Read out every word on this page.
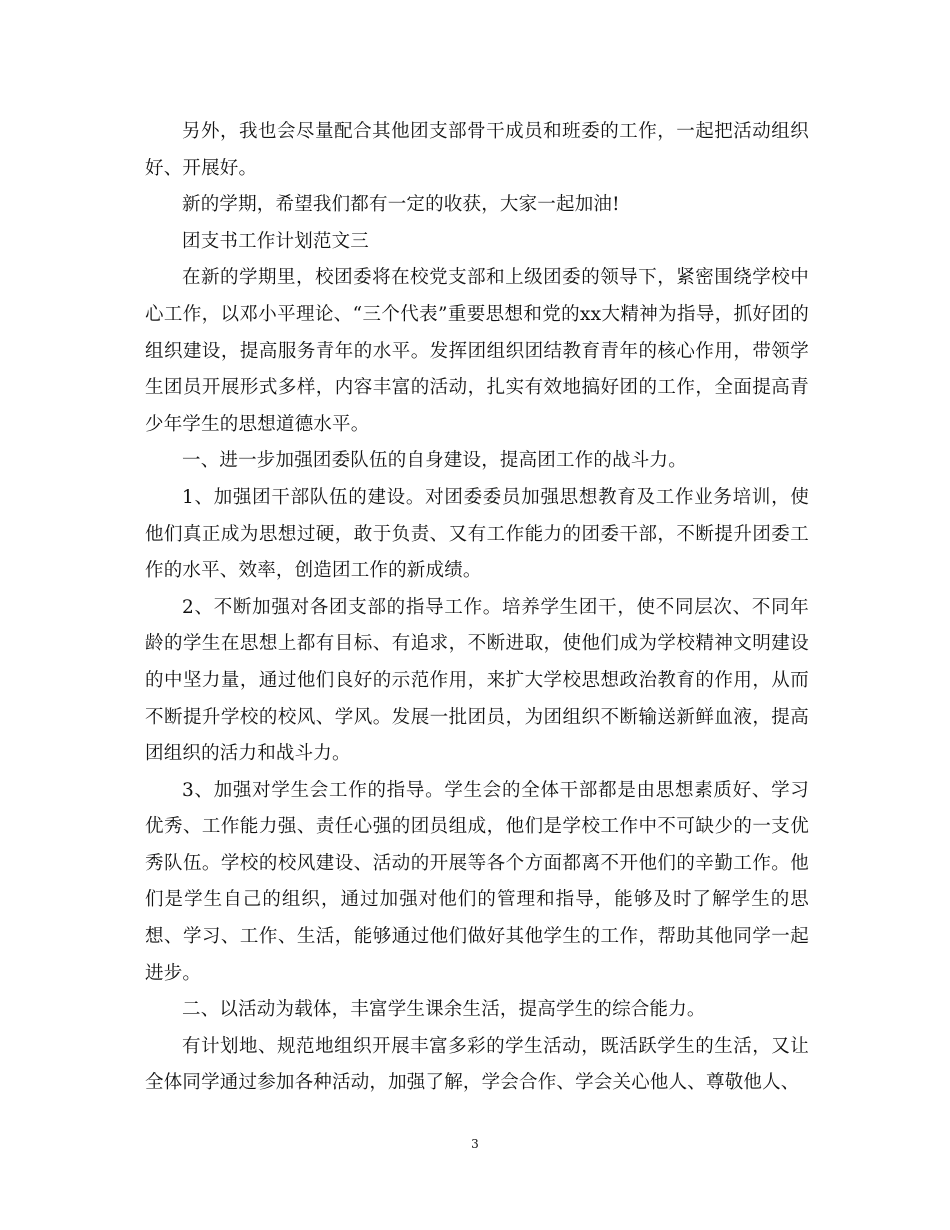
另外，我也会尽量配合其他团支部骨干成员和班委的工作，一起把活动组织好、开展好。

新的学期，希望我们都有一定的收获，大家一起加油!

团支书工作计划范文三

在新的学期里，校团委将在校党支部和上级团委的领导下，紧密围绕学校中心工作，以邓小平理论、“三个代表”重要思想和党的xx大精神为指导，抓好团的组织建设，提高服务青年的水平。发挥团组织团结教育青年的核心作用，带领学生团员开展形式多样，内容丰富的活动，扎实有效地搞好团的工作，全面提高青少年学生的思想道德水平。

一、进一步加强团委队伍的自身建设，提高团工作的战斗力。

1、加强团干部队伍的建设。对团委委员加强思想教育及工作业务培训，使他们真正成为思想过硬，敢于负责、又有工作能力的团委干部，不断提升团委工作的水平、效率，创造团工作的新成绩。

2、不断加强对各团支部的指导工作。培养学生团干，使不同层次、不同年龄的学生在思想上都有目标、有追求，不断进取，使他们成为学校精神文明建设的中坚力量，通过他们良好的示范作用，来扩大学校思想政治教育的作用，从而不断提升学校的校风、学风。发展一批团员，为团组织不断输送新鲜血液，提高团组织的活力和战斗力。

3、加强对学生会工作的指导。学生会的全体干部都是由思想素质好、学习优秀、工作能力强、责任心强的团员组成，他们是学校工作中不可缺少的一支优秀队伍。学校的校风建设、活动的开展等各个方面都离不开他们的辛勤工作。他们是学生自己的组织，通过加强对他们的管理和指导，能够及时了解学生的思想、学习、工作、生活，能够通过他们做好其他学生的工作，帮助其他同学一起进步。

二、以活动为载体，丰富学生课余生活，提高学生的综合能力。

有计划地、规范地组织开展丰富多彩的学生活动，既活跃学生的生活，又让全体同学通过参加各种活动，加强了解，学会合作、学会关心他人、尊敬他人、

3
